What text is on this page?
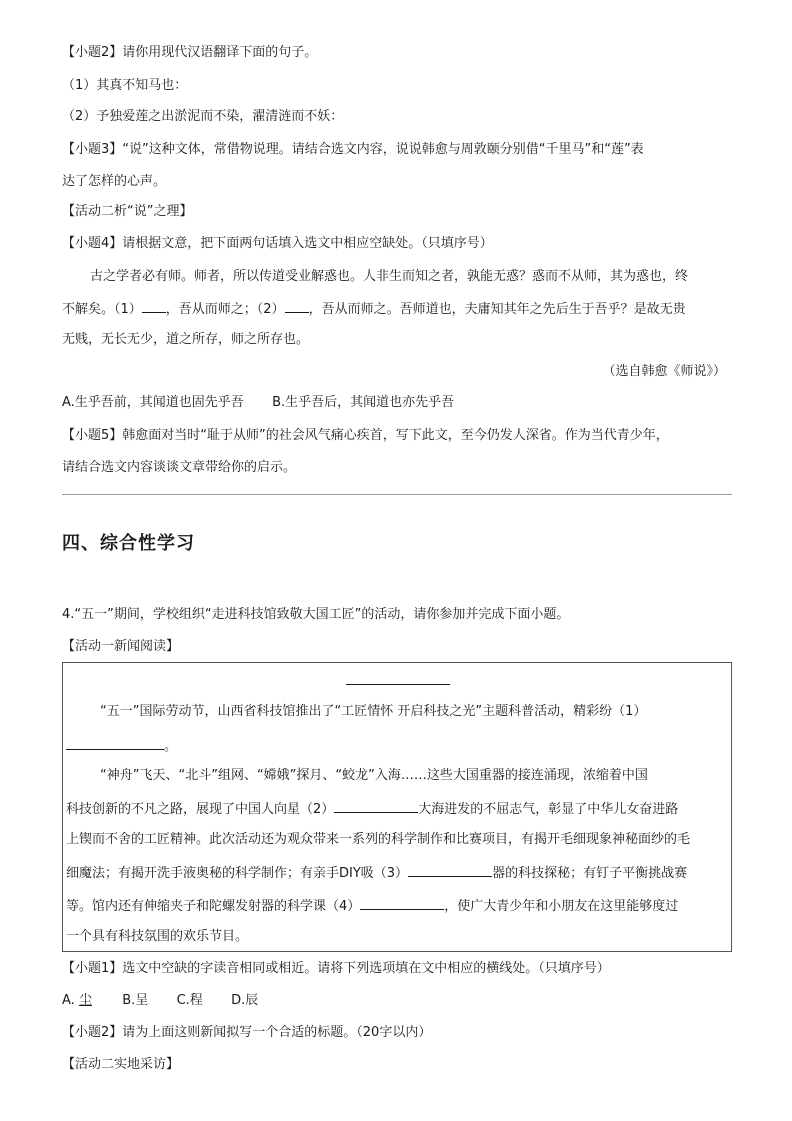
【小题2】请你用现代汉语翻译下面的句子。
（1）其真不知马也：
（2）予独爱莲之出淤泥而不染，濯清涟而不妖：
【小题3】“说”这种文体，常借物说理。请结合选文内容，说说韩愈与周敦颐分别借“千里马”和“莲”表
达了怎样的心声。
【活动二析“说”之理】
【小题4】请根据文意，把下面两句话填入选文中相应空缺处。（只填序号）
古之学者必有师。师者，所以传道受业解惑也。人非生而知之者，孰能无惑？惑而不从师，其为惑也，终
不解矣。（1） ，吾从而师之；（2） ，吾从而师之。吾师道也，夫庸知其年之先后生于吾乎？是故无贵
无贱，无长无少，道之所存，师之所存也。
（选自韩愈《师说》）
A.生乎吾前，其闻道也固先乎吾 B.生乎吾后，其闻道也亦先乎吾
【小题5】韩愈面对当时“耻于从师”的社会风气痛心疾首，写下此文，至今仍发人深省。作为当代青少年，
请结合选文内容谈谈文章带给你的启示。
四、综合性学习
4.“五一”期间，学校组织“走进科技馆致敬大国工匠”的活动，请你参加并完成下面小题。
【活动一新闻阅读】
“五一”国际劳动节，山西省科技馆推出了“工匠情怀 开启科技之光”主题科普活动，精彩纷（1）
。
“神舟”飞天、“北斗”组网、“嫦娥”探月、“蛟龙”入海……这些大国重器的接连涌现，浓缩着中国
科技创新的不凡之路，展现了中国人向星（2）	大海进发的不屈志气，彰显了中华儿女奋进路
上锲而不舍的工匠精神。此次活动还为观众带来一系列的科学制作和比赛项目，有揭开毛细现象神秘面纱的毛
细魔法；有揭开洗手液奥秘的科学制作；有亲手DIY吸（3）	器的科技探秘；有钉子平衡挑战赛
等。馆内还有伸缩夹子和陀螺发射器的科学课（4）	，使广大青少年和小朋友在这里能够度过
一个具有科技氛围的欢乐节目。
【小题1】选文中空缺的字读音相同或相近。请将下列选项填在文中相应的横线处。（只填序号）
A. 尘 B.呈 C.程 D.辰
【小题2】请为上面这则新闻拟写一个合适的标题。（20字以内）
【活动二实地采访】
